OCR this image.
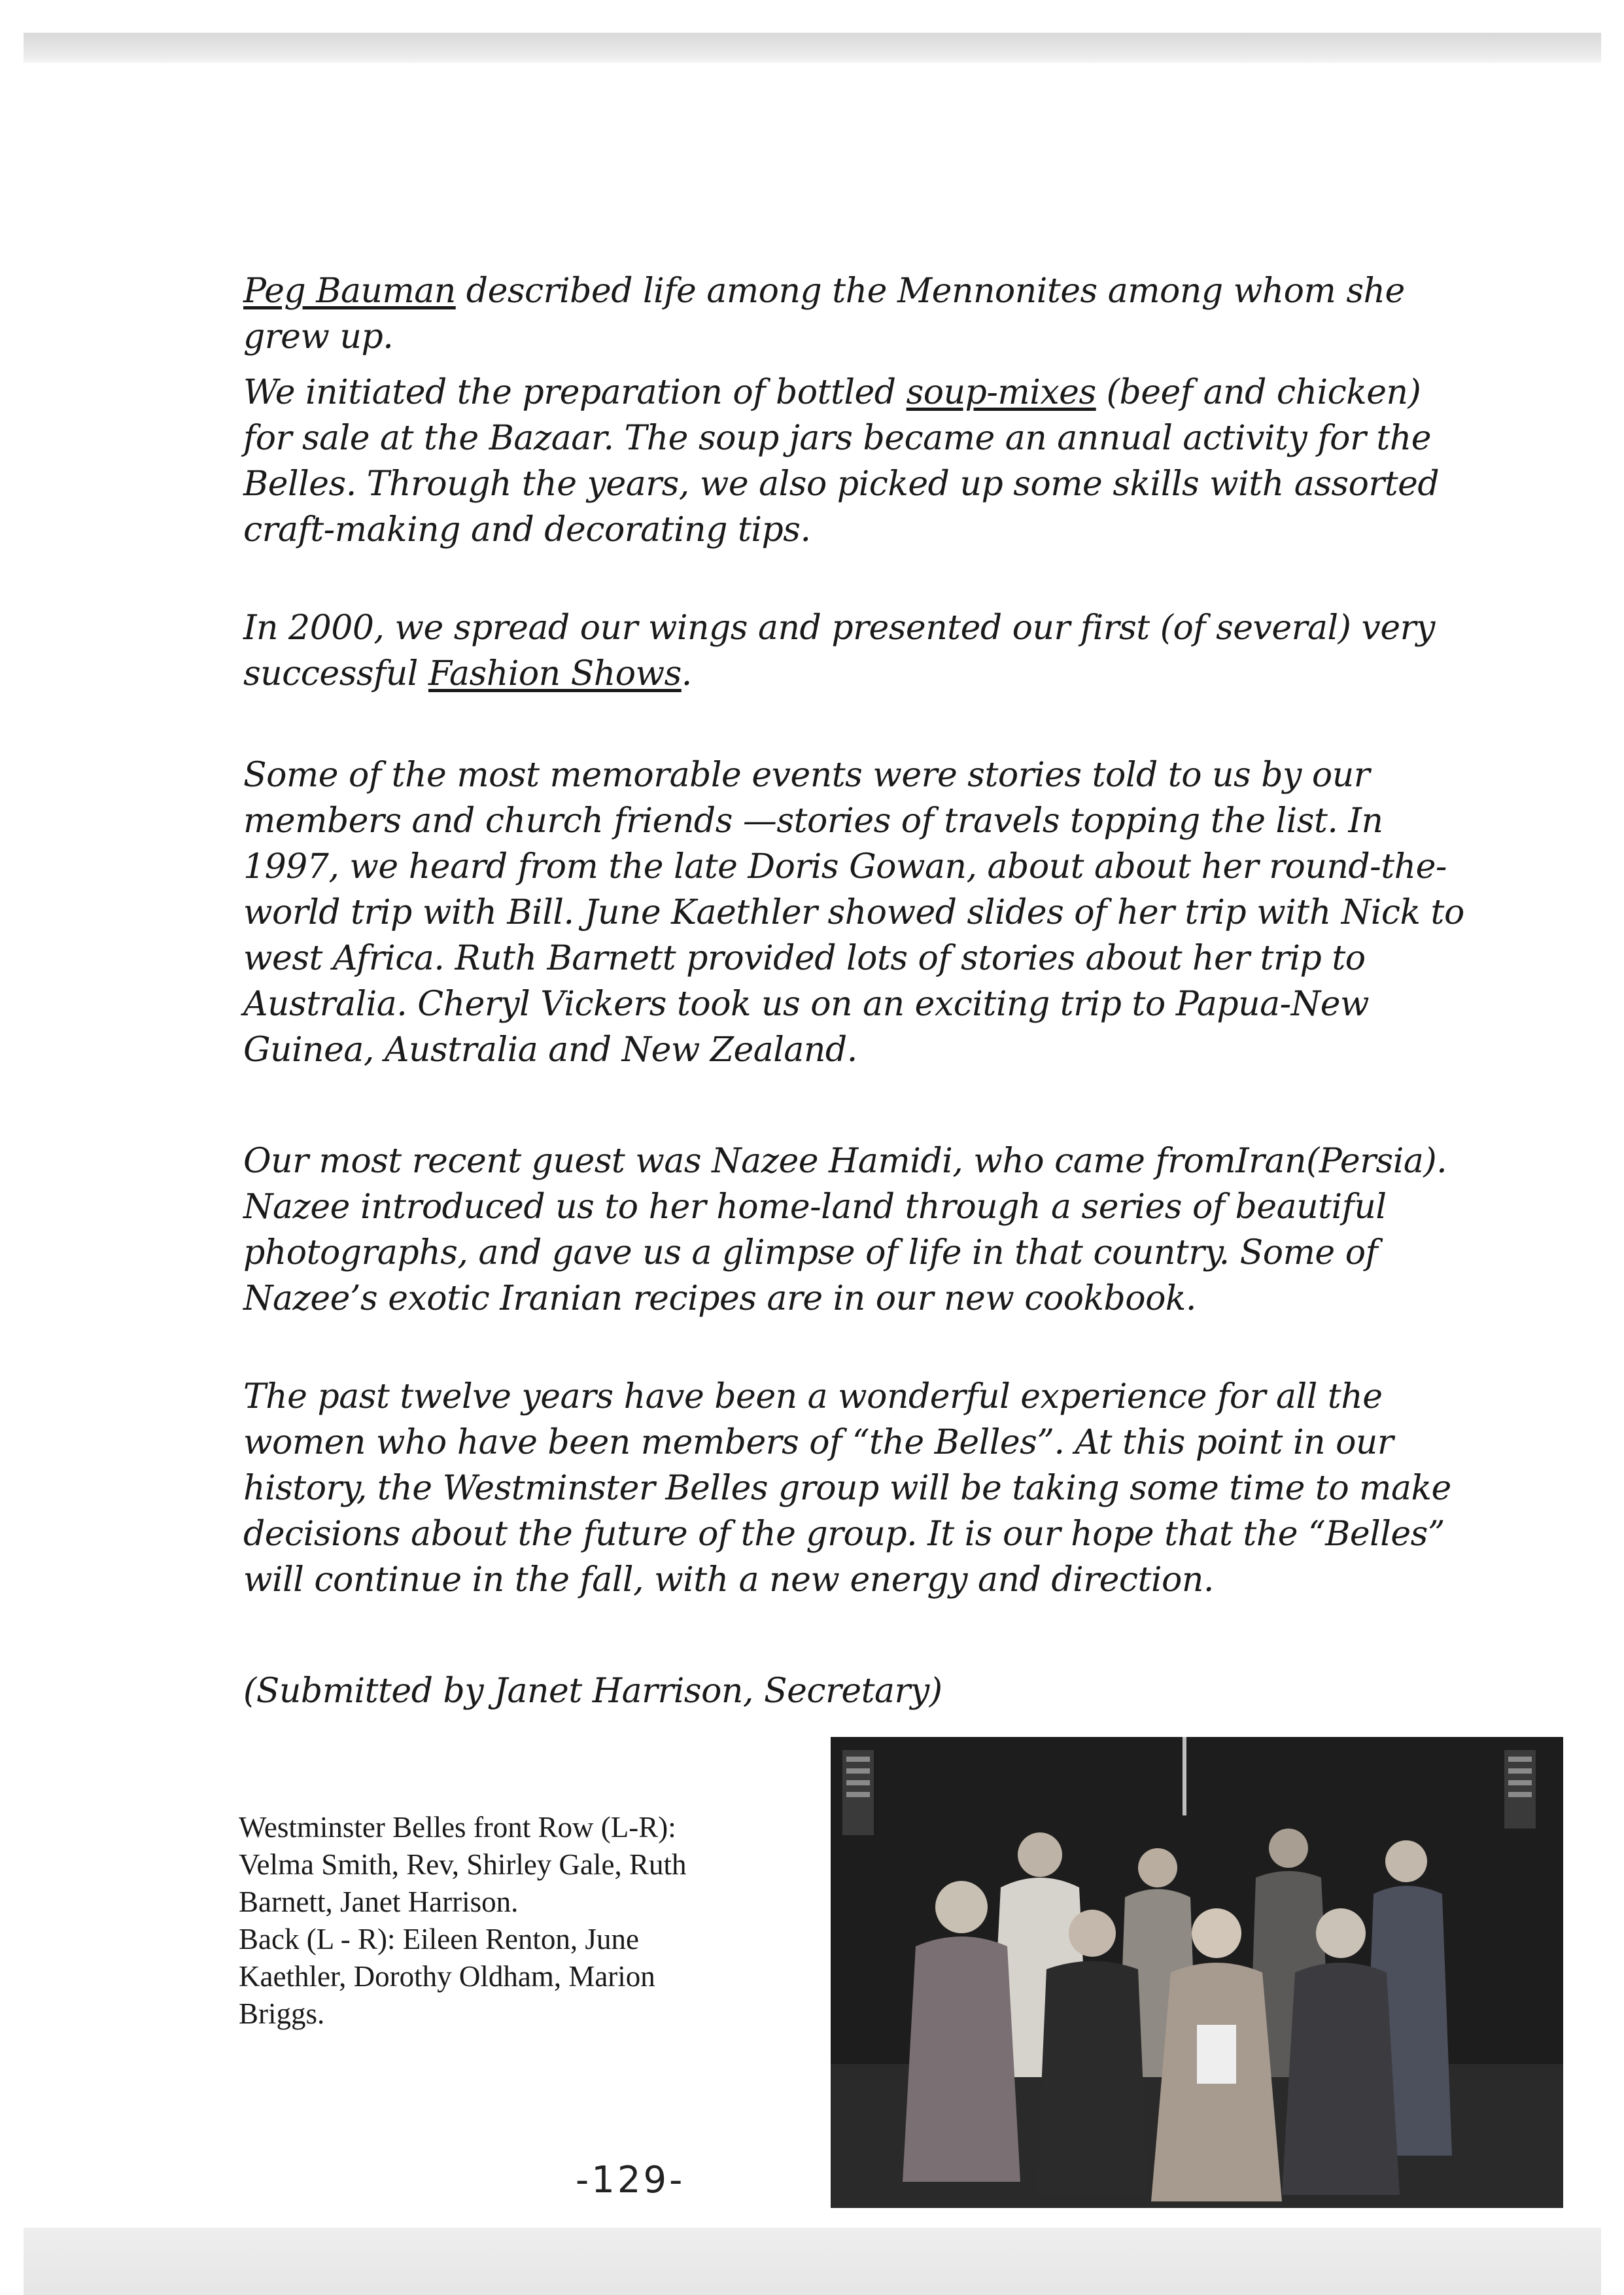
Peg Bauman described life among the Mennonites among whom she grew up.

We initiated the preparation of bottled soup-mixes (beef and chicken) for sale at the Bazaar. The soup jars became an annual activity for the Belles. Through the years, we also picked up some skills with assorted craft-making and decorating tips.

In 2000, we spread our wings and presented our first (of several) very successful Fashion Shows.

Some of the most memorable events were stories told to us by our members and church friends —stories of travels topping the list. In 1997, we heard from the late Doris Gowan, about about her round-the-world trip with Bill. June Kaethler showed slides of her trip with Nick to west Africa. Ruth Barnett provided lots of stories about her trip to Australia. Cheryl Vickers took us on an exciting trip to Papua-New Guinea, Australia and New Zealand.

Our most recent guest was Nazee Hamidi, who came fromIran(Persia). Nazee introduced us to her home-land through a series of beautiful photographs, and gave us a glimpse of life in that country. Some of Nazee’s exotic Iranian recipes are in our new cookbook.

The past twelve years have been a wonderful experience for all the women who have been members of “the Belles”. At this point in our history, the Westminster Belles group will be taking some time to make decisions about the future of the group. It is our hope that the “Belles” will continue in the fall, with a new energy and direction.

(Submitted by Janet Harrison, Secretary)

Westminster Belles front Row (L-R):
Velma Smith, Rev, Shirley Gale, Ruth
Barnett, Janet Harrison.
Back (L - R): Eileen Renton, June
Kaethler, Dorothy Oldham, Marion
Briggs.
-129-
